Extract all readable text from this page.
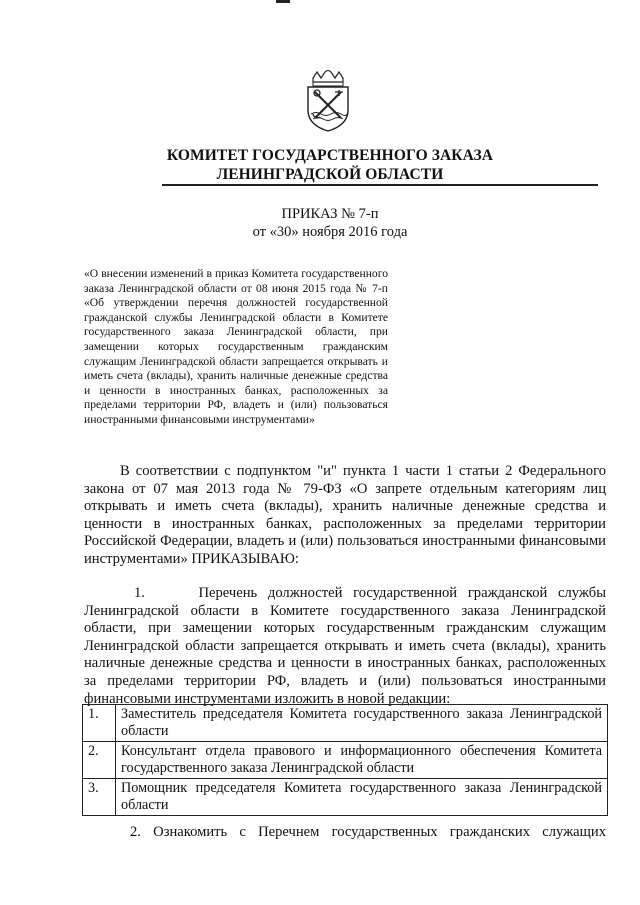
КОМИТЕТ ГОСУДАРСТВЕННОГО ЗАКАЗА
ЛЕНИНГРАДСКОЙ ОБЛАСТИ
ПРИКАЗ № 7-п
от «30» ноября 2016 года
«О внесении изменений в приказ Комитета государственного заказа Ленинградской области от 08 июня 2015 года № 7-п «Об утверждении перечня должностей государственной гражданской службы Ленинградской области в Комитете государственного заказа Ленинградской области, при замещении которых государственным гражданским служащим Ленинградской области запрещается открывать и иметь счета (вклады), хранить наличные денежные средства и ценности в иностранных банках, расположенных за пределами территории РФ, владеть и (или) пользоваться иностранными финансовыми инструментами»
В соответствии с подпунктом "и" пункта 1 части 1 статьи 2 Федерального закона от 07 мая 2013 года № 79-ФЗ «О запрете отдельным категориям лиц открывать и иметь счета (вклады), хранить наличные денежные средства и ценности в иностранных банках, расположенных за пределами территории Российской Федерации, владеть и (или) пользоваться иностранными финансовыми инструментами» ПРИКАЗЫВАЮ:
1.     Перечень должностей государственной гражданской службы Ленинградской области в Комитете государственного заказа Ленинградской области, при замещении которых государственным гражданским служащим Ленинградской области запрещается открывать и иметь счета (вклады), хранить наличные денежные средства и ценности в иностранных банках, расположенных за пределами территории РФ, владеть и (или) пользоваться иностранными финансовыми инструментами изложить в новой редакции:
1.	Заместитель председателя Комитета государственного заказа Ленинградской области
2.	Консультант отдела правового и информационного обеспечения Комитета государственного заказа Ленинградской области
3.	Помощник председателя Комитета государственного заказа Ленинградской области
2. Ознакомить с Перечнем государственных гражданских служащих
